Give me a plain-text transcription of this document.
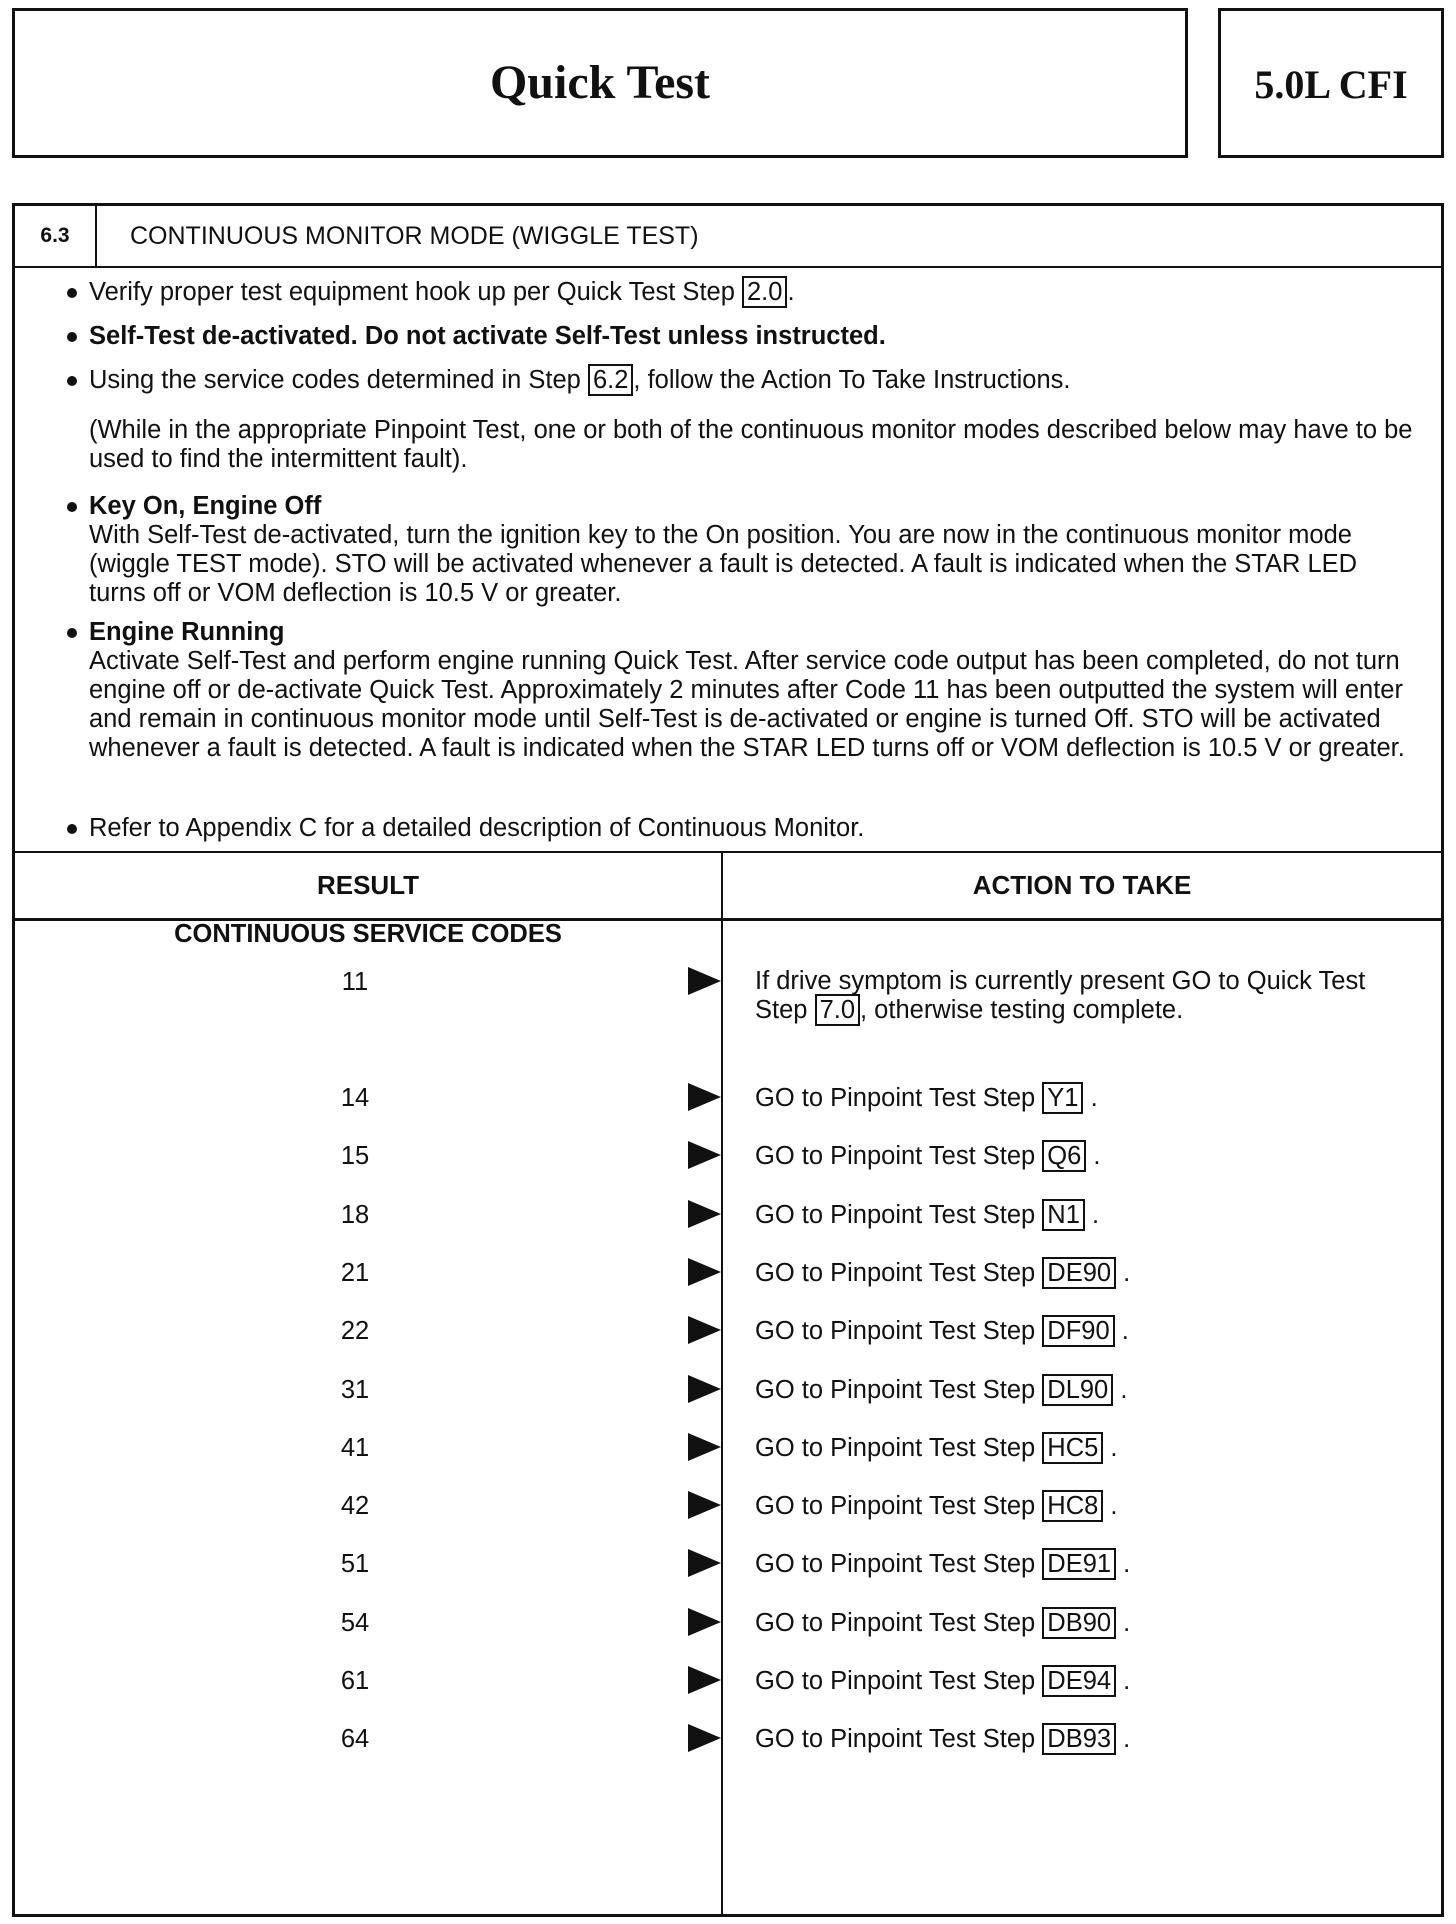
Quick Test	5.0L CFI
6.3	CONTINUOUS MONITOR MODE (WIGGLE TEST)
Verify proper test equipment hook up per Quick Test Step 2.0 .
Self-Test de-activated. Do not activate Self-Test unless instructed.
Using the service codes determined in Step 6.2 , follow the Action To Take Instructions.
(While in the appropriate Pinpoint Test, one or both of the continuous monitor modes described below may have to be used to find the intermittent fault).
Key On, Engine Off
With Self-Test de-activated, turn the ignition key to the On position. You are now in the continuous monitor mode (wiggle TEST mode). STO will be activated whenever a fault is detected. A fault is indicated when the STAR LED turns off or VOM deflection is 10.5 V or greater.
Engine Running
Activate Self-Test and perform engine running Quick Test. After service code output has been completed, do not turn engine off or de-activate Quick Test. Approximately 2 minutes after Code 11 has been outputted the system will enter and remain in continuous monitor mode until Self-Test is de-activated or engine is turned Off. STO will be activated whenever a fault is detected. A fault is indicated when the STAR LED turns off or VOM deflection is 10.5 V or greater.
Refer to Appendix C for a detailed description of Continuous Monitor.
RESULT	ACTION TO TAKE
CONTINUOUS SERVICE CODES
11	If drive symptom is currently present GO to Quick Test Step 7.0 , otherwise testing complete.
14	GO to Pinpoint Test Step Y1 .
15	GO to Pinpoint Test Step Q6 .
18	GO to Pinpoint Test Step N1 .
21	GO to Pinpoint Test Step DE90 .
22	GO to Pinpoint Test Step DF90 .
31	GO to Pinpoint Test Step DL90 .
41	GO to Pinpoint Test Step HC5 .
42	GO to Pinpoint Test Step HC8 .
51	GO to Pinpoint Test Step DE91 .
54	GO to Pinpoint Test Step DB90 .
61	GO to Pinpoint Test Step DE94 .
64	GO to Pinpoint Test Step DB93 .
